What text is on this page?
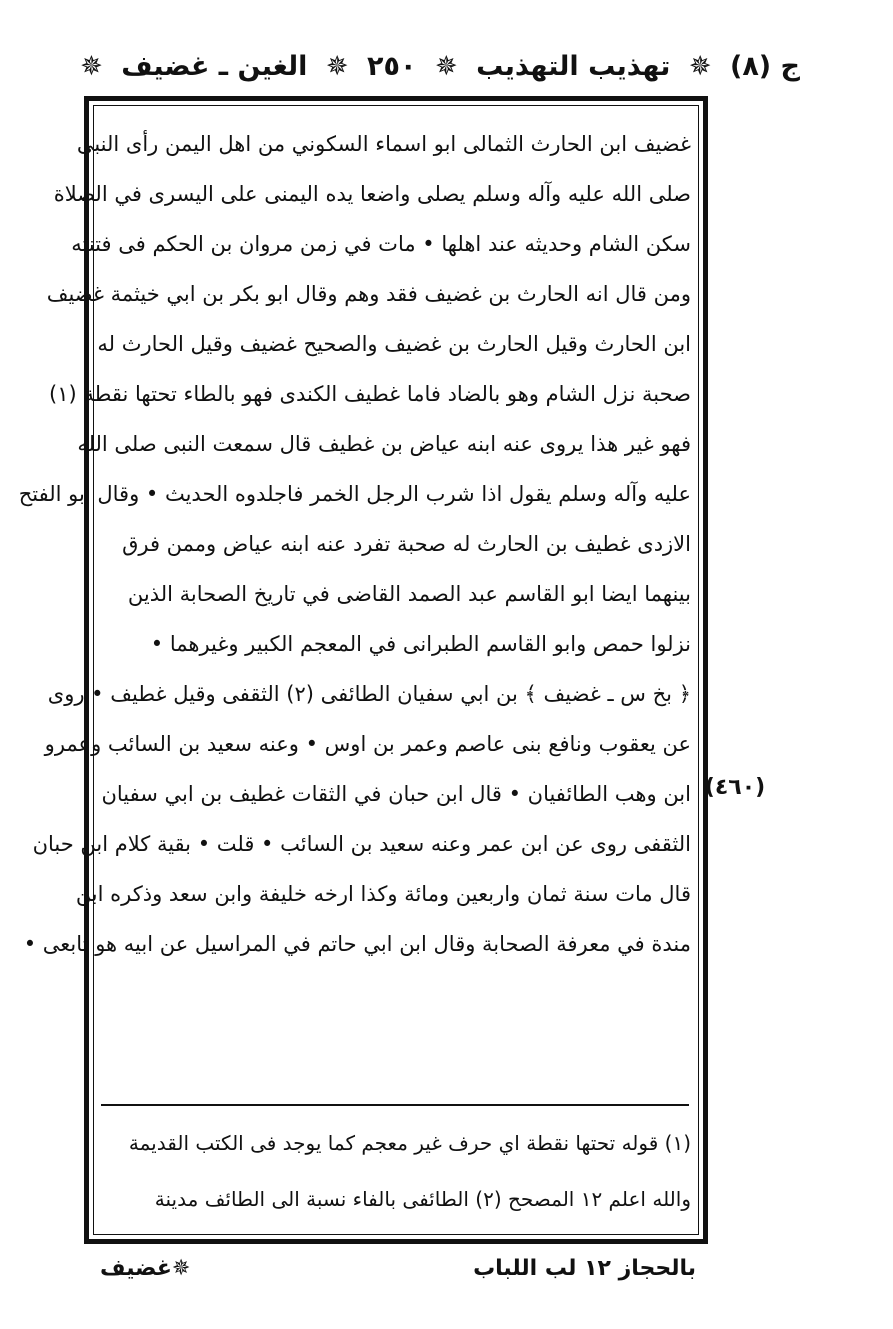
ج (٨)
✵
تهذيب التهذيب
✵
٢٥٠
✵
الغين ـ غضيف
✵
غضيف ابن الحارث الثمالى ابو اسماء السكوني من اهل اليمن رأى النبى
صلى الله عليه وآله وسلم يصلى واضعا يده اليمنى على اليسرى في الصلاة
سكن الشام وحديثه عند اهلها • مات في زمن مروان بن الحكم فى فتنته
ومن قال انه الحارث بن غضيف فقد وهم وقال ابو بكر بن ابي خيثمة غضيف
ابن الحارث وقيل الحارث بن غضيف والصحيح غضيف وقيل الحارث له
صحبة نزل الشام وهو بالضاد فاما غطيف الكندى فهو بالطاء تحتها نقطة (١)
فهو غير هذا يروى عنه ابنه عياض بن غطيف قال سمعت النبى صلى الله
عليه وآله وسلم يقول اذا شرب الرجل الخمر فاجلدوه الحديث • وقال ابو الفتح
الازدى غطيف بن الحارث له صحبة تفرد عنه ابنه عياض وممن فرق
بينهما ايضا ابو القاسم عبد الصمد القاضى في تاريخ الصحابة الذين
نزلوا حمص وابو القاسم الطبرانى في المعجم الكبير وغيرهما •
﴿ بخ س ـ غضيف ﴾ بن ابي سفيان الطائفى (٢) الثقفى وقيل غطيف • روى
عن يعقوب ونافع بنى عاصم وعمر بن اوس • وعنه سعيد بن السائب وعمرو
ابن وهب الطائفيان • قال ابن حبان في الثقات غطيف بن ابي سفيان
الثقفى روى عن ابن عمر وعنه سعيد بن السائب • قلت • بقية كلام ابن حبان
قال مات سنة ثمان واربعين ومائة وكذا ارخه خليفة وابن سعد وذكره ابن
مندة في معرفة الصحابة وقال ابن ابي حاتم في المراسيل عن ابيه هو تابعى •
(١) قوله تحتها نقطة اي حرف غير معجم كما يوجد فى الكتب القديمة
والله اعلم ١٢ المصحح (٢) الطائفى بالفاء نسبة الى الطائف مدينة
(٤٦٠)
بالحجاز ١٢ لب اللباب
✵غضيف
